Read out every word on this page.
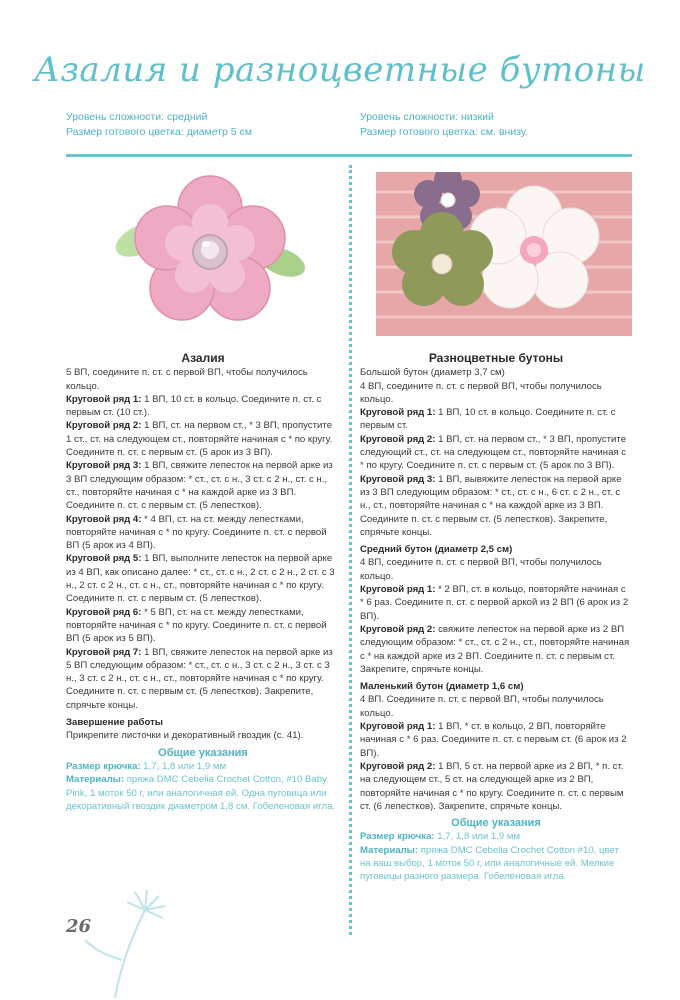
Азалия и разноцветные бутоны
Уровень сложности: средний
Размер готового цветка: диаметр 5 см
Уровень сложности: низкий
Размер готового цветка: см. внизу.
Азалия

5 ВП, соедините п. ст. с первой ВП, чтобы получилось кольцо.

Круговой ряд 1: 1 ВП, 10 ст. в кольцо. Соедините п. ст. с первым ст. (10 ст.).

Круговой ряд 2: 1 ВП, ст. на первом ст., * 3 ВП, пропустите 1 ст., ст. на следующем ст., повторяйте начиная с * по кругу. Соедините п. ст. с первым ст. (5 арок из 3 ВП).

Круговой ряд 3: 1 ВП, свяжите лепесток на первой арке из 3 ВП следующим образом: * ст., ст. с н., 3 ст. с 2 н., ст. с н., ст., повторяйте начиная с * на каждой арке из 3 ВП. Соедините п. ст. с первым ст. (5 лепестков).

Круговой ряд 4: * 4 ВП, ст. на ст. между лепестками, повторяйте начиная с * по кругу. Соедините п. ст. с первой ВП (5 арок из 4 ВП).

Круговой ряд 5: 1 ВП, выполните лепесток на первой арке из 4 ВП, как описано далее: * ст., ст. с н., 2 ст. с 2 н., 2 ст. с 3 н., 2 ст. с 2 н., ст. с н., ст., повторяйте начиная с * по кругу. Соедините п. ст. с первым ст. (5 лепестков).

Круговой ряд 6: * 5 ВП, ст. на ст. между лепестками, повторяйте начиная с * по кругу. Соедините п. ст. с первой ВП (5 арок из 5 ВП).

Круговой ряд 7: 1 ВП, свяжите лепесток на первой арке из 5 ВП следующим образом: * ст., ст. с н., 3 ст. с 2 н., 3 ст. с 3 н., 3 ст. с 2 н., ст. с н., ст., повторяйте начиная с * по кругу. Соедините п. ст. с первым ст. (5 лепестков). Закрепите, спрячьте концы.

Завершение работы

Прикрепите листочки и декоративный гвоздик (с. 41).

Общие указания

Размер крючка: 1,7, 1,8 или 1,9 мм

Материалы: пряжа DMC Cebelia Crochet Cotton, #10 Baby Pink, 1 моток 50 г, или аналогичная ей. Одна пуговица или декоративный гвоздик диаметром 1,8 см. Гобеленовая игла.

Разноцветные бутоны

Большой бутон (диаметр 3,7 см)

4 ВП, соедините п. ст. с первой ВП, чтобы получилось кольцо.

Круговой ряд 1: 1 ВП, 10 ст. в кольцо. Соедините п. ст. с первым ст.

Круговой ряд 2: 1 ВП, ст. на первом ст., * 3 ВП, пропустите следующий ст., ст. на следующем ст., повторяйте начиная с * по кругу. Соедините п. ст. с первым ст. (5 арок по 3 ВП).

Круговой ряд 3: 1 ВП, вывяжите лепесток на первой арке из 3 ВП следующим образом: * ст., ст. с н., 6 ст. с 2 н., ст. с н., ст., повторяйте начиная с * на каждой арке из 3 ВП. Соедините п. ст. с первым ст. (5 лепестков). Закрепите, спрячьте концы.

Средний бутон (диаметр 2,5 см)

4 ВП, соедините п. ст. с первой ВП, чтобы получилось кольцо.

Круговой ряд 1: * 2 ВП, ст. в кольцо, повторяйте начиная с * 6 раз. Соедините п. ст. с первой аркой из 2 ВП (6 арок из 2 ВП).

Круговой ряд 2: свяжите лепесток на первой арке из 2 ВП следующим образом: * ст., ст. с 2 н., ст., повторяйте начиная с * на каждой арке из 2 ВП. Соедините п. ст. с первым ст. Закрепите, спрячьте концы.

Маленький бутон (диаметр 1,6 см)

4 ВП. Соедините п. ст. с первой ВП, чтобы получилось кольцо.

Круговой ряд 1: 1 ВП, * ст. в кольцо, 2 ВП, повторяйте начиная с * 6 раз. Соедините п. ст. с первым ст. (6 арок из 2 ВП).

Круговой ряд 2: 1 ВП, 5 ст. на первой арке из 2 ВП, * п. ст. на следующем ст., 5 ст. на следующей арке из 2 ВП, повторяйте начиная с * по кругу. Соедините п. ст. с первым ст. (6 лепестков). Закрепите, спрячьте концы.

Общие указания

Размер крючка: 1,7, 1,8 или 1,9 мм

Материалы: пряжа DMC Cebelia Crochet Cotton #10, цвет на ваш выбор, 1 моток 50 г, или аналогичные ей. Мелкие пуговицы разного размера. Гобеленовая игла.

26
